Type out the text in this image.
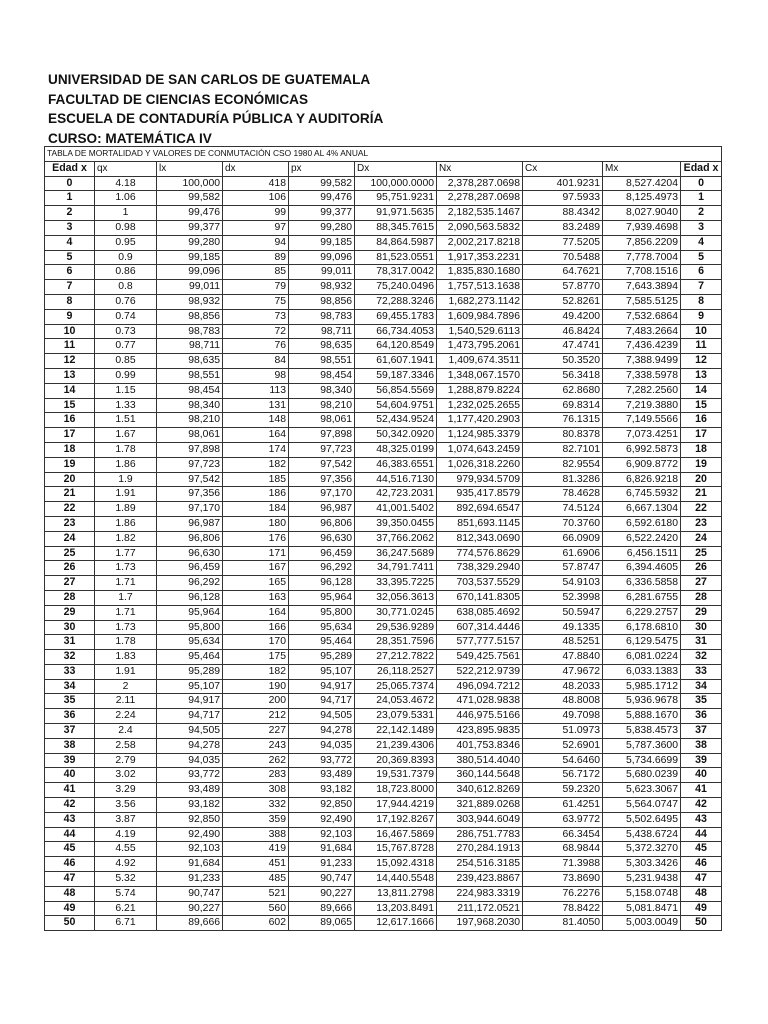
UNIVERSIDAD DE SAN CARLOS DE GUATEMALA
FACULTAD DE CIENCIAS ECONÓMICAS
ESCUELA DE CONTADURÍA PÚBLICA Y AUDITORÍA
CURSO: MATEMÁTICA IV
TABLA DE MORTALIDAD Y VALORES DE CONMUTACIÓN CSO 1980 AL 4% ANUAL									
Edad x	qx	lx	dx	px	Dx	Nx	Cx	Mx	Edad x
0	4.18	100,000	418	99,582	100,000.0000	2,378,287.0698	401.9231	8,527.4204	0
1	1.06	99,582	106	99,476	95,751.9231	2,278,287.0698	97.5933	8,125.4973	1
2	1	99,476	99	99,377	91,971.5635	2,182,535.1467	88.4342	8,027.9040	2
3	0.98	99,377	97	99,280	88,345.7615	2,090,563.5832	83.2489	7,939.4698	3
4	0.95	99,280	94	99,185	84,864.5987	2,002,217.8218	77.5205	7,856.2209	4
5	0.9	99,185	89	99,096	81,523.0551	1,917,353.2231	70.5488	7,778.7004	5
6	0.86	99,096	85	99,011	78,317.0042	1,835,830.1680	64.7621	7,708.1516	6
7	0.8	99,011	79	98,932	75,240.0496	1,757,513.1638	57.8770	7,643.3894	7
8	0.76	98,932	75	98,856	72,288.3246	1,682,273.1142	52.8261	7,585.5125	8
9	0.74	98,856	73	98,783	69,455.1783	1,609,984.7896	49.4200	7,532.6864	9
10	0.73	98,783	72	98,711	66,734.4053	1,540,529.6113	46.8424	7,483.2664	10
11	0.77	98,711	76	98,635	64,120.8549	1,473,795.2061	47.4741	7,436.4239	11
12	0.85	98,635	84	98,551	61,607.1941	1,409,674.3511	50.3520	7,388.9499	12
13	0.99	98,551	98	98,454	59,187.3346	1,348,067.1570	56.3418	7,338.5978	13
14	1.15	98,454	113	98,340	56,854.5569	1,288,879.8224	62.8680	7,282.2560	14
15	1.33	98,340	131	98,210	54,604.9751	1,232,025.2655	69.8314	7,219.3880	15
16	1.51	98,210	148	98,061	52,434.9524	1,177,420.2903	76.1315	7,149.5566	16
17	1.67	98,061	164	97,898	50,342.0920	1,124,985.3379	80.8378	7,073.4251	17
18	1.78	97,898	174	97,723	48,325.0199	1,074,643.2459	82.7101	6,992.5873	18
19	1.86	97,723	182	97,542	46,383.6551	1,026,318.2260	82.9554	6,909.8772	19
20	1.9	97,542	185	97,356	44,516.7130	979,934.5709	81.3286	6,826.9218	20
21	1.91	97,356	186	97,170	42,723.2031	935,417.8579	78.4628	6,745.5932	21
22	1.89	97,170	184	96,987	41,001.5402	892,694.6547	74.5124	6,667.1304	22
23	1.86	96,987	180	96,806	39,350.0455	851,693.1145	70.3760	6,592.6180	23
24	1.82	96,806	176	96,630	37,766.2062	812,343.0690	66.0909	6,522.2420	24
25	1.77	96,630	171	96,459	36,247.5689	774,576.8629	61.6906	6,456.1511	25
26	1.73	96,459	167	96,292	34,791.7411	738,329.2940	57.8747	6,394.4605	26
27	1.71	96,292	165	96,128	33,395.7225	703,537.5529	54.9103	6,336.5858	27
28	1.7	96,128	163	95,964	32,056.3613	670,141.8305	52.3998	6,281.6755	28
29	1.71	95,964	164	95,800	30,771.0245	638,085.4692	50.5947	6,229.2757	29
30	1.73	95,800	166	95,634	29,536.9289	607,314.4446	49.1335	6,178.6810	30
31	1.78	95,634	170	95,464	28,351.7596	577,777.5157	48.5251	6,129.5475	31
32	1.83	95,464	175	95,289	27,212.7822	549,425.7561	47.8840	6,081.0224	32
33	1.91	95,289	182	95,107	26,118.2527	522,212.9739	47.9672	6,033.1383	33
34	2	95,107	190	94,917	25,065.7374	496,094.7212	48.2033	5,985.1712	34
35	2.11	94,917	200	94,717	24,053.4672	471,028.9838	48.8008	5,936.9678	35
36	2.24	94,717	212	94,505	23,079.5331	446,975.5166	49.7098	5,888.1670	36
37	2.4	94,505	227	94,278	22,142.1489	423,895.9835	51.0973	5,838.4573	37
38	2.58	94,278	243	94,035	21,239.4306	401,753.8346	52.6901	5,787.3600	38
39	2.79	94,035	262	93,772	20,369.8393	380,514.4040	54.6460	5,734.6699	39
40	3.02	93,772	283	93,489	19,531.7379	360,144.5648	56.7172	5,680.0239	40
41	3.29	93,489	308	93,182	18,723.8000	340,612.8269	59.2320	5,623.3067	41
42	3.56	93,182	332	92,850	17,944.4219	321,889.0268	61.4251	5,564.0747	42
43	3.87	92,850	359	92,490	17,192.8267	303,944.6049	63.9772	5,502.6495	43
44	4.19	92,490	388	92,103	16,467.5869	286,751.7783	66.3454	5,438.6724	44
45	4.55	92,103	419	91,684	15,767.8728	270,284.1913	68.9844	5,372.3270	45
46	4.92	91,684	451	91,233	15,092.4318	254,516.3185	71.3988	5,303.3426	46
47	5.32	91,233	485	90,747	14,440.5548	239,423.8867	73.8690	5,231.9438	47
48	5.74	90,747	521	90,227	13,811.2798	224,983.3319	76.2276	5,158.0748	48
49	6.21	90,227	560	89,666	13,203.8491	211,172.0521	78.8422	5,081.8471	49
50	6.71	89,666	602	89,065	12,617.1666	197,968.2030	81.4050	5,003.0049	50
